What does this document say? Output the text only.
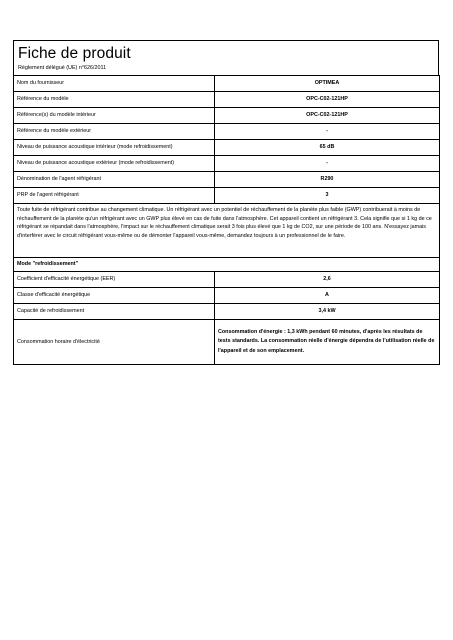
Fiche de produit
Règlement délégué (UE) n°626/2011
Nom du fournisseur	OPTIMEA
Référence du modèle	OPC-C02-121HP
Référence(s) du modèle intérieur	OPC-C02-121HP
Référence du modèle extérieur	-
Niveau de puissance acoustique intérieur (mode refroidissement)	65 dB
Niveau de puissance acoustique extérieur (mode refroidissement)	-
Dénomination de l'agent réfrigérant	R290
PRP de l'agent réfrigérant	3
Toute fuite de réfrigérant contribue au changement climatique. Un réfrigérant avec un potentiel de réchauffement de la planète plus faible (GWP) contribuerait à moins de réchauffement de la planète qu'un réfrigérant avec un GWP plus élevé en cas de fuite dans l'atmosphère. Cet appareil contient un réfrigérant 3. Cela signifie que si 1 kg de ce réfrigérant se répandait dans l'atmosphère, l'impact sur le réchauffement climatique serait 3 fois plus élevé que 1 kg de CO2, sur une période de 100 ans. N'essayez jamais d'interférer avec le circuit réfrigérant vous-même ou de démonter l'appareil vous-même, demandez toujours à un professionnel de le faire.	
Mode "refroidissement"	
Coefficient d'efficacité énergétique (EER)	2,6
Classe d'efficacité énergétique	A
Capacité de refroidissement	3,4 kW
Consommation horaire d'électricité	Consommation d'énergie : 1,3 kWh pendant 60 minutes, d'après les résultats de tests standards. La consommation réelle d'énergie dépendra de l'utilisation réelle de l'appareil et de son emplacement.
